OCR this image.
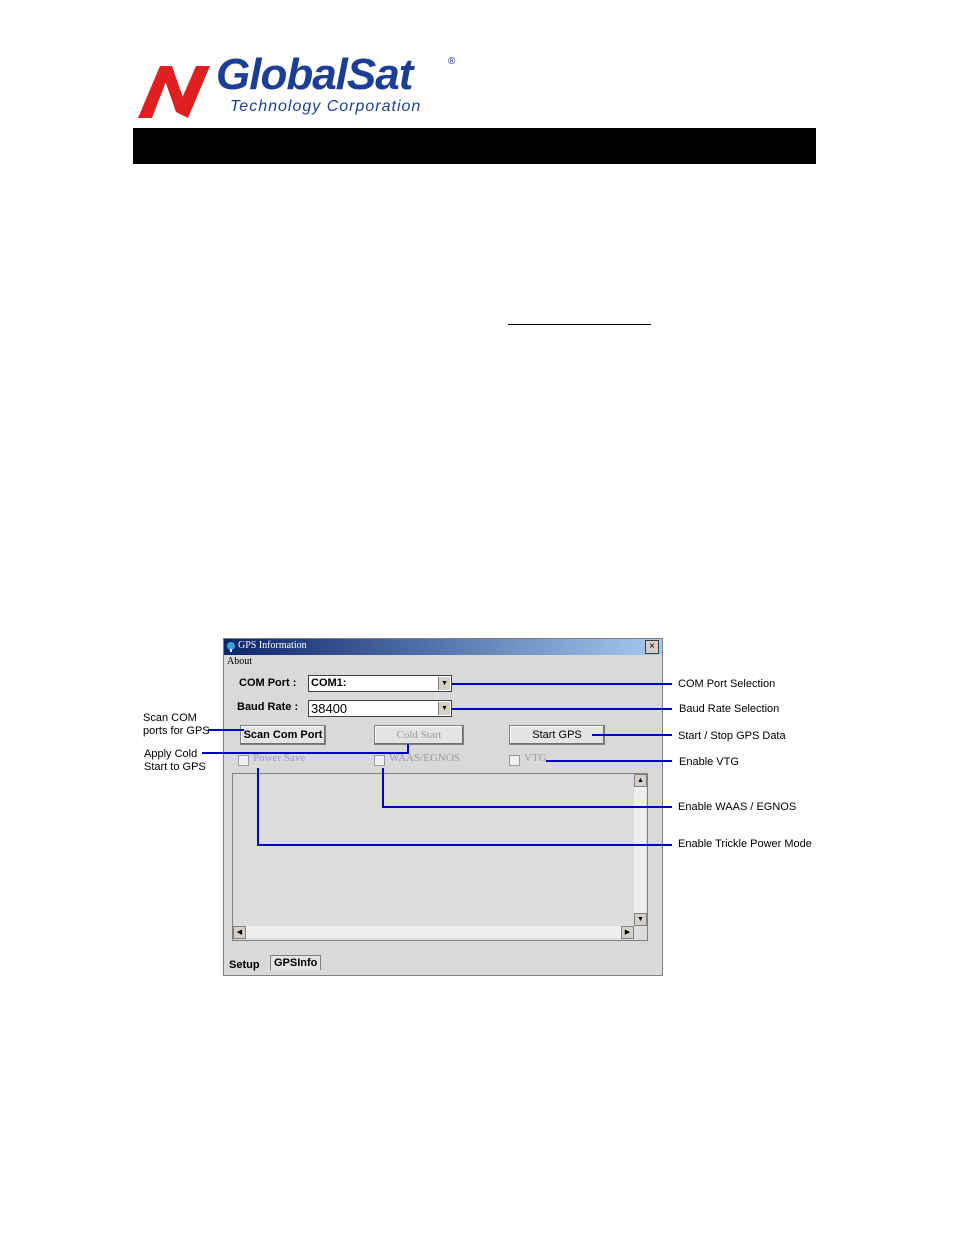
GlobalSat	®
Technology Corporation
GPS Information	×
About
COM Port : COM1:	▼
Baud Rate : 38400	▼
Scan Com Port	Cold Start	Start GPS
Power Save	WAAS/EGNOS	VTG
▲
▼
◀	▶
Setup	GPSInfo
Scan COM
ports for GPS
Apply Cold
Start to GPS
COM Port Selection
Baud Rate Selection
Start / Stop GPS Data
Enable VTG
Enable WAAS / EGNOS
Enable Trickle Power Mode
